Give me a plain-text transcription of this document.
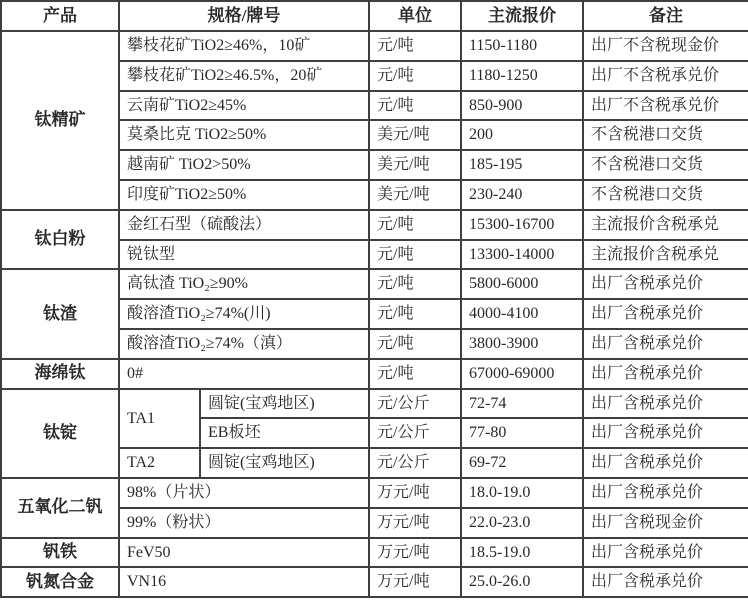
产品	规格/牌号		单位	主流报价	备注
钛精矿	攀枝花矿TiO2≥46%，10矿		元/吨	1150-1180	出厂不含税现金价
	攀枝花矿TiO2≥46.5%，20矿		元/吨	1180-1250	出厂不含税承兑价
	云南矿TiO2≥45%		元/吨	850-900	出厂不含税承兑价
	莫桑比克 TiO2≥50%		美元/吨	200	不含税港口交货
	越南矿 TiO2>50%		美元/吨	185-195	不含税港口交货
	印度矿TiO2≥50%		美元/吨	230-240	不含税港口交货
钛白粉	金红石型（硫酸法）		元/吨	15300-16700	主流报价含税承兑
	锐钛型		元/吨	13300-14000	主流报价含税承兑
钛渣	高钛渣 TiO₂≥90%		元/吨	5800-6000	出厂含税承兑价
	酸溶渣TiO₂≥74%(川)		元/吨	4000-4100	出厂含税承兑价
	酸溶渣TiO₂≥74%（滇）		元/吨	3800-3900	出厂含税承兑价
海绵钛	0#		元/吨	67000-69000	出厂含税承兑价
钛锭	TA1	圆锭(宝鸡地区)	元/公斤	72-74	出厂含税承兑价
		EB板坯	元/公斤	77-80	出厂含税承兑价
	TA2	圆锭(宝鸡地区)	元/公斤	69-72	出厂含税承兑价
五氧化二钒	98%（片状）		万元/吨	18.0-19.0	出厂含税承兑价
	99%（粉状）		万元/吨	22.0-23.0	出厂含税现金价
钒铁	FeV50		万元/吨	18.5-19.0	出厂含税承兑价
钒氮合金	VN16		万元/吨	25.0-26.0	出厂含税承兑价
